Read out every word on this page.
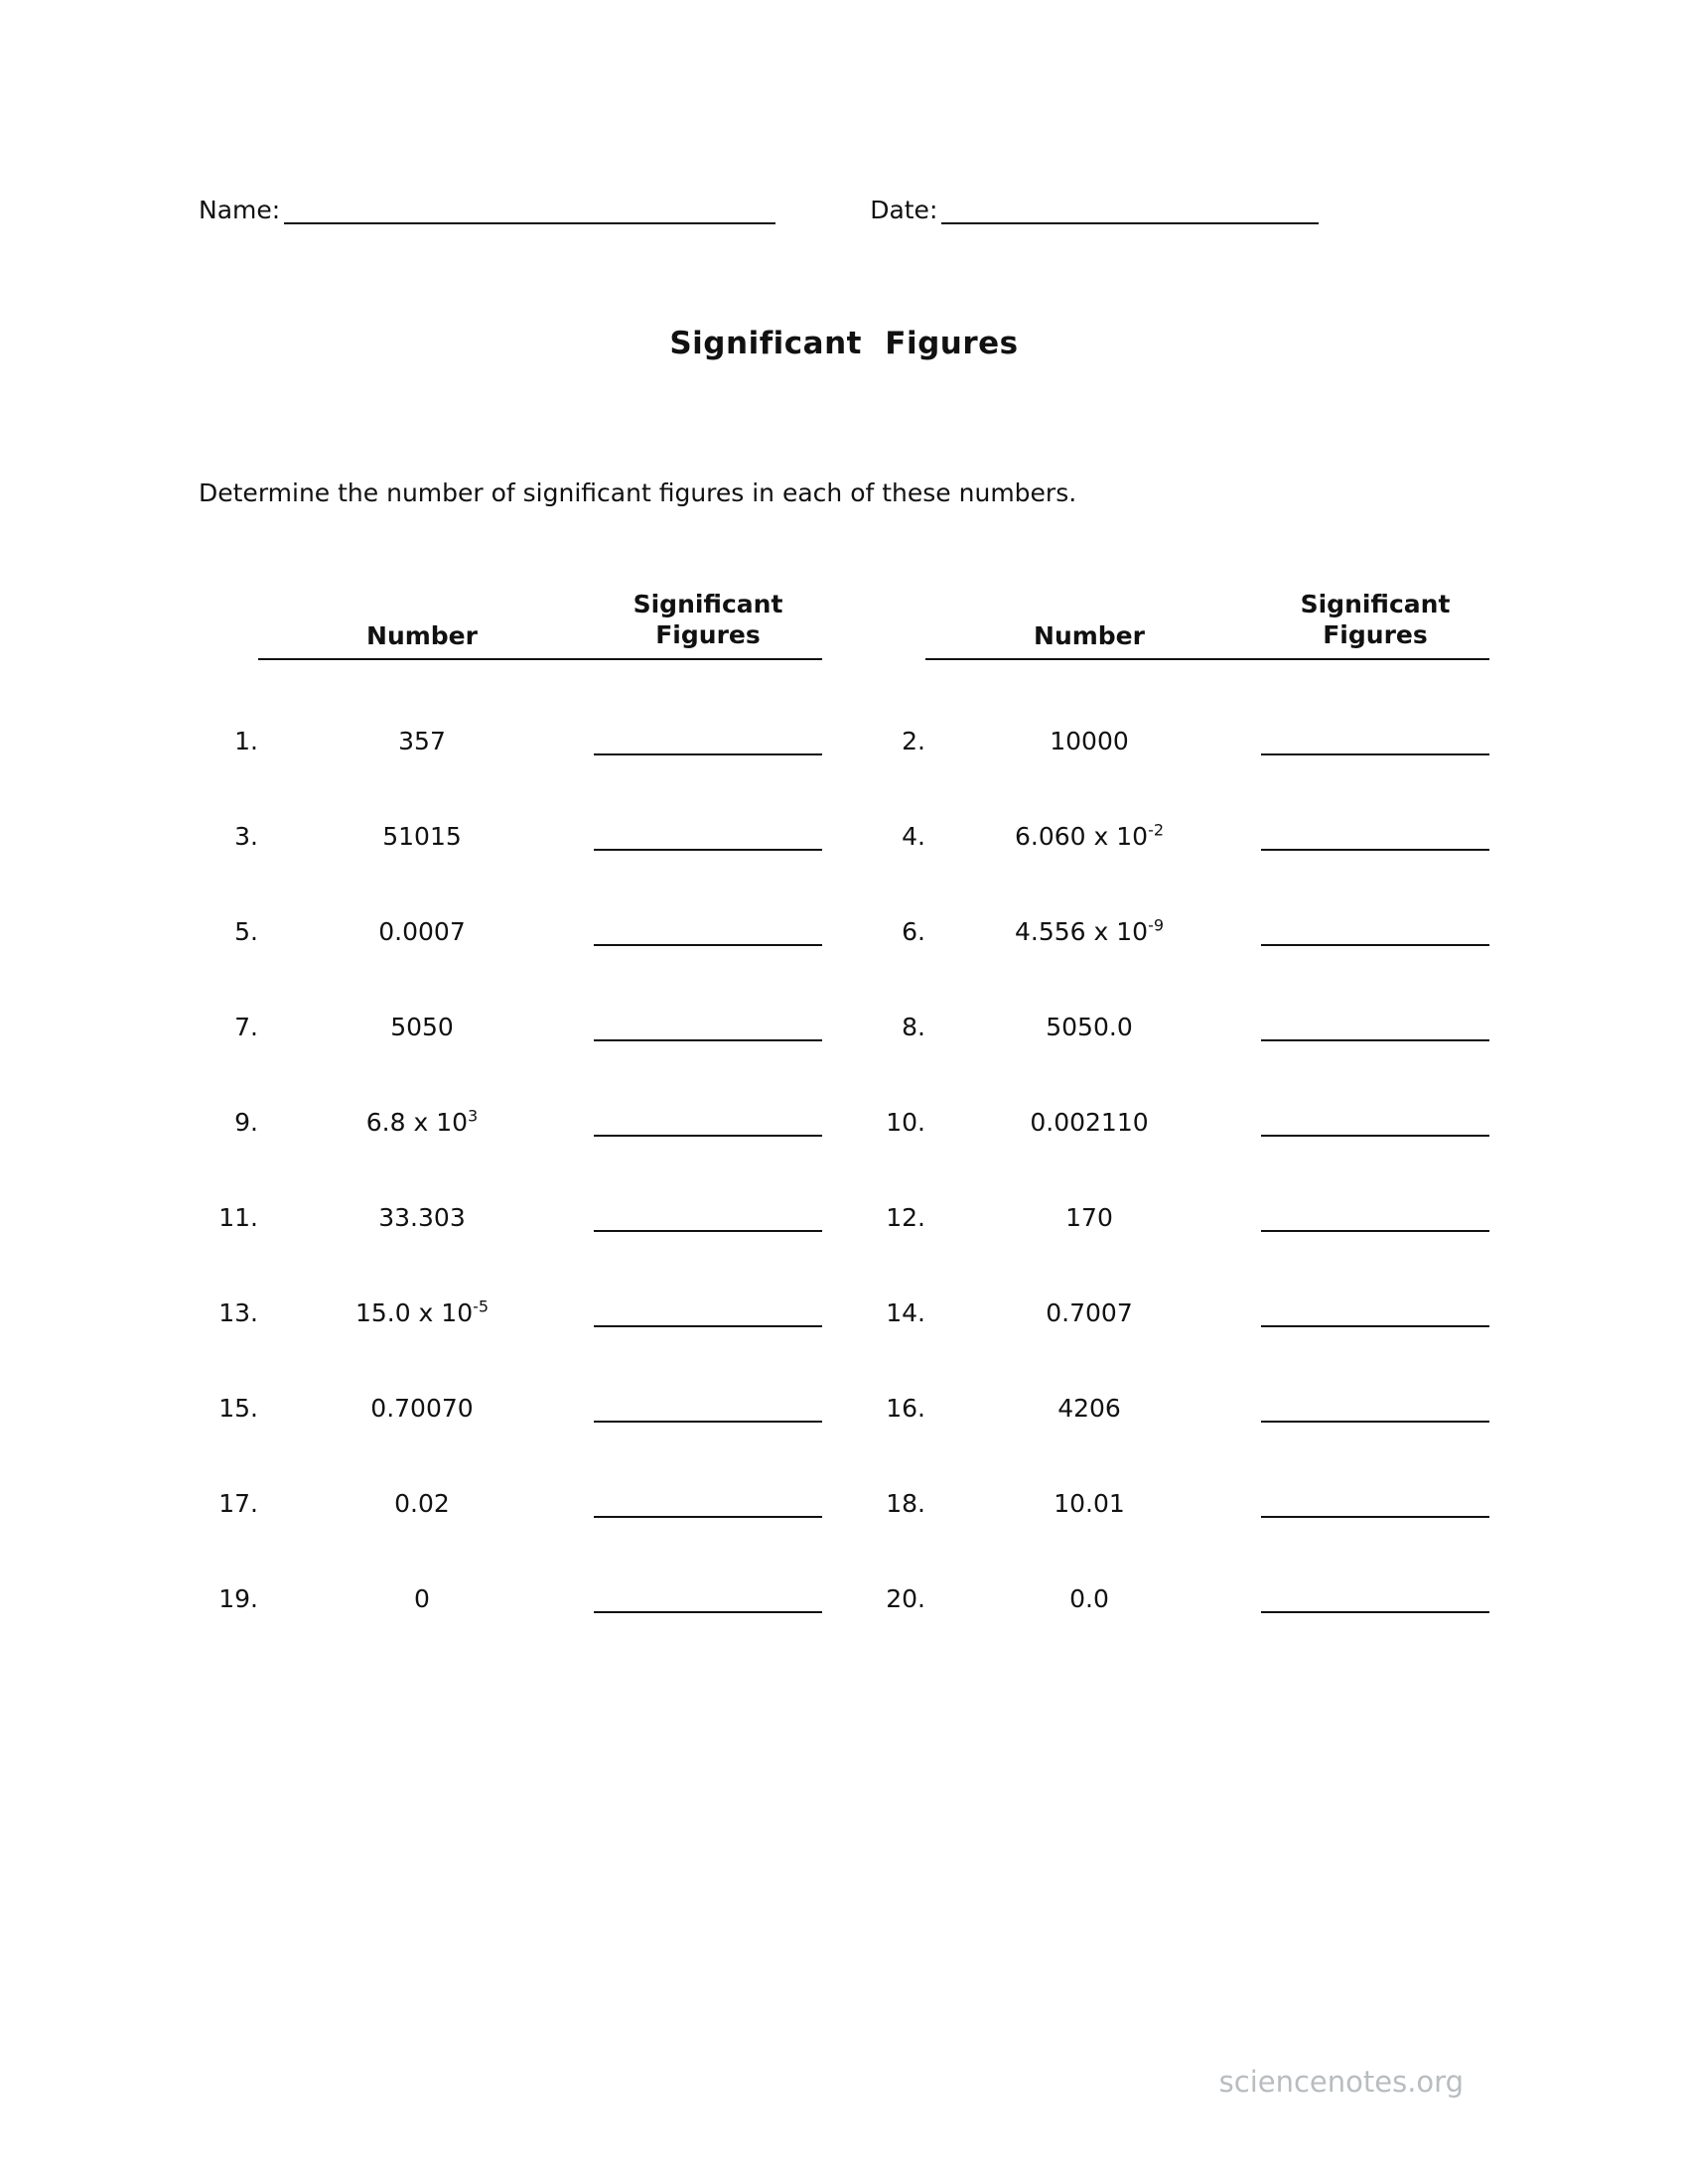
Name:	Date:
Significant Figures
Determine the number of significant figures in each of these numbers.
Number
Significant Figures
1.	357
3.	51015
5.	0.0007
7.	5050
9.	6.8 x $10^3$
11.	33.303
13.	15.0 x $10^{-5}$
15.	0.70070
17.	0.02
19.	0
Number
Significant Figures
2.	10000
4.	6.060 x $10^{-2}$
6.	4.556 x $10^{-9}$
8.	5050.0
10.	0.002110
12.	170
14.	0.7007
16.	4206
18.	10.01
20.	0.0
sciencenotes.org
